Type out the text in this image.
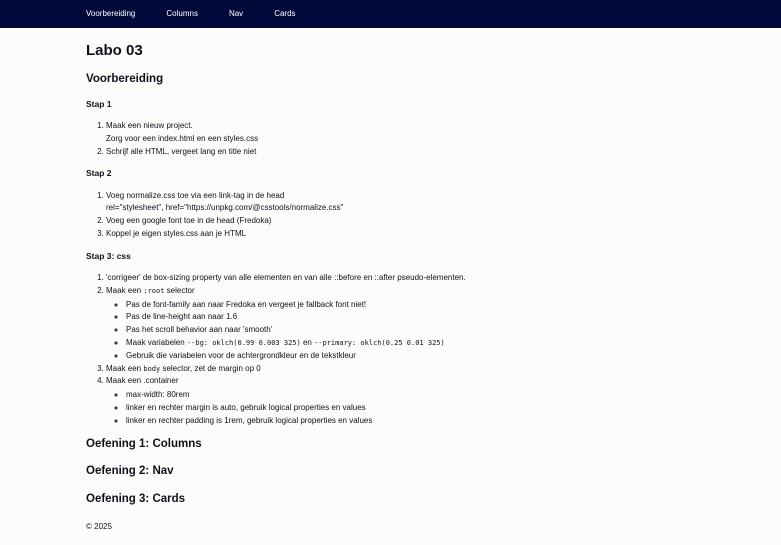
Voorbereiding	Columns	Nav	Cards
Labo 03
Voorbereiding
Stap 1
1. Maak een nieuw project.
Zorg voor een index.html en een styles.css
2. Schrijf alle HTML, vergeet lang en title niet
Stap 2
1. Voeg normalize.css toe via een link-tag in de head
rel="stylesheet", href="https://unpkg.com/@csstools/normalize.css"
2. Voeg een google font toe in de head (Fredoka)
3. Koppel je eigen styles.css aan je HTML
Stap 3: css
1. 'corrigeer' de box-sizing property van alle elementen en van alle ::before en ::after pseudo-elementen.
2. Maak een :root selector
◦ Pas de font-family aan naar Fredoka en vergeet je fallback font niet!
◦ Pas de line-height aan naar 1.6
◦ Pas het scroll behavior aan naar 'smooth'
◦ Maak variabelen --bg: oklch(0.99 0.003 325) en --primary: oklch(0.25 0.01 325)
◦ Gebruik die variabelen voor de achtergrondkleur en de tekstkleur
3. Maak een body selector, zet de margin op 0
4. Maak een .container
◦ max-width: 80rem
◦ linker en rechter margin is auto, gebruik logical properties en values
◦ linker en rechter padding is 1rem, gebruik logical properties en values
Oefening 1: Columns
Oefening 2: Nav
Oefening 3: Cards
© 2025
